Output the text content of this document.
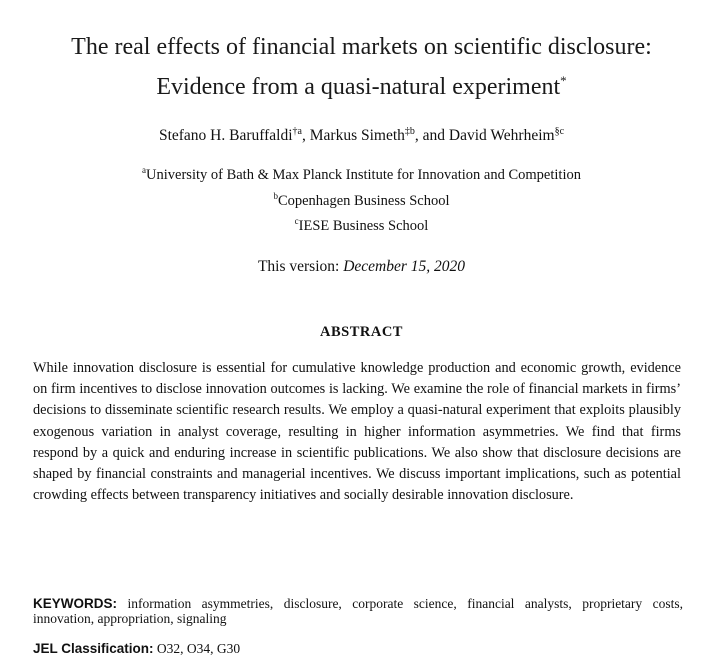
The real effects of financial markets on scientific disclosure:
Evidence from a quasi-natural experiment*
Stefano H. Baruffaldi$^{\dagger a}$, Markus Simeth$^{\ddagger b}$, and David Wehrheim$^{\S c}$
$^a$University of Bath & Max Planck Institute for Innovation and Competition
$^b$Copenhagen Business School
$^c$IESE Business School
This version: December 15, 2020
ABSTRACT
While innovation disclosure is essential for cumulative knowledge production and economic growth, evidence on firm incentives to disclose innovation outcomes is lacking. We examine the role of financial markets in firms’ decisions to disseminate scientific research results. We employ a quasi-natural experiment that exploits plausibly exogenous variation in analyst coverage, resulting in higher information asymmetries. We find that firms respond by a quick and enduring increase in scientific publications. We also show that disclosure decisions are shaped by financial constraints and managerial incentives. We discuss important implications, such as potential crowding effects between transparency initiatives and socially desirable innovation disclosure.
KEYWORDS: information asymmetries, disclosure, corporate science, financial analysts, proprietary costs, innovation, appropriation, signaling
JEL Classification: O32, O34, G30
